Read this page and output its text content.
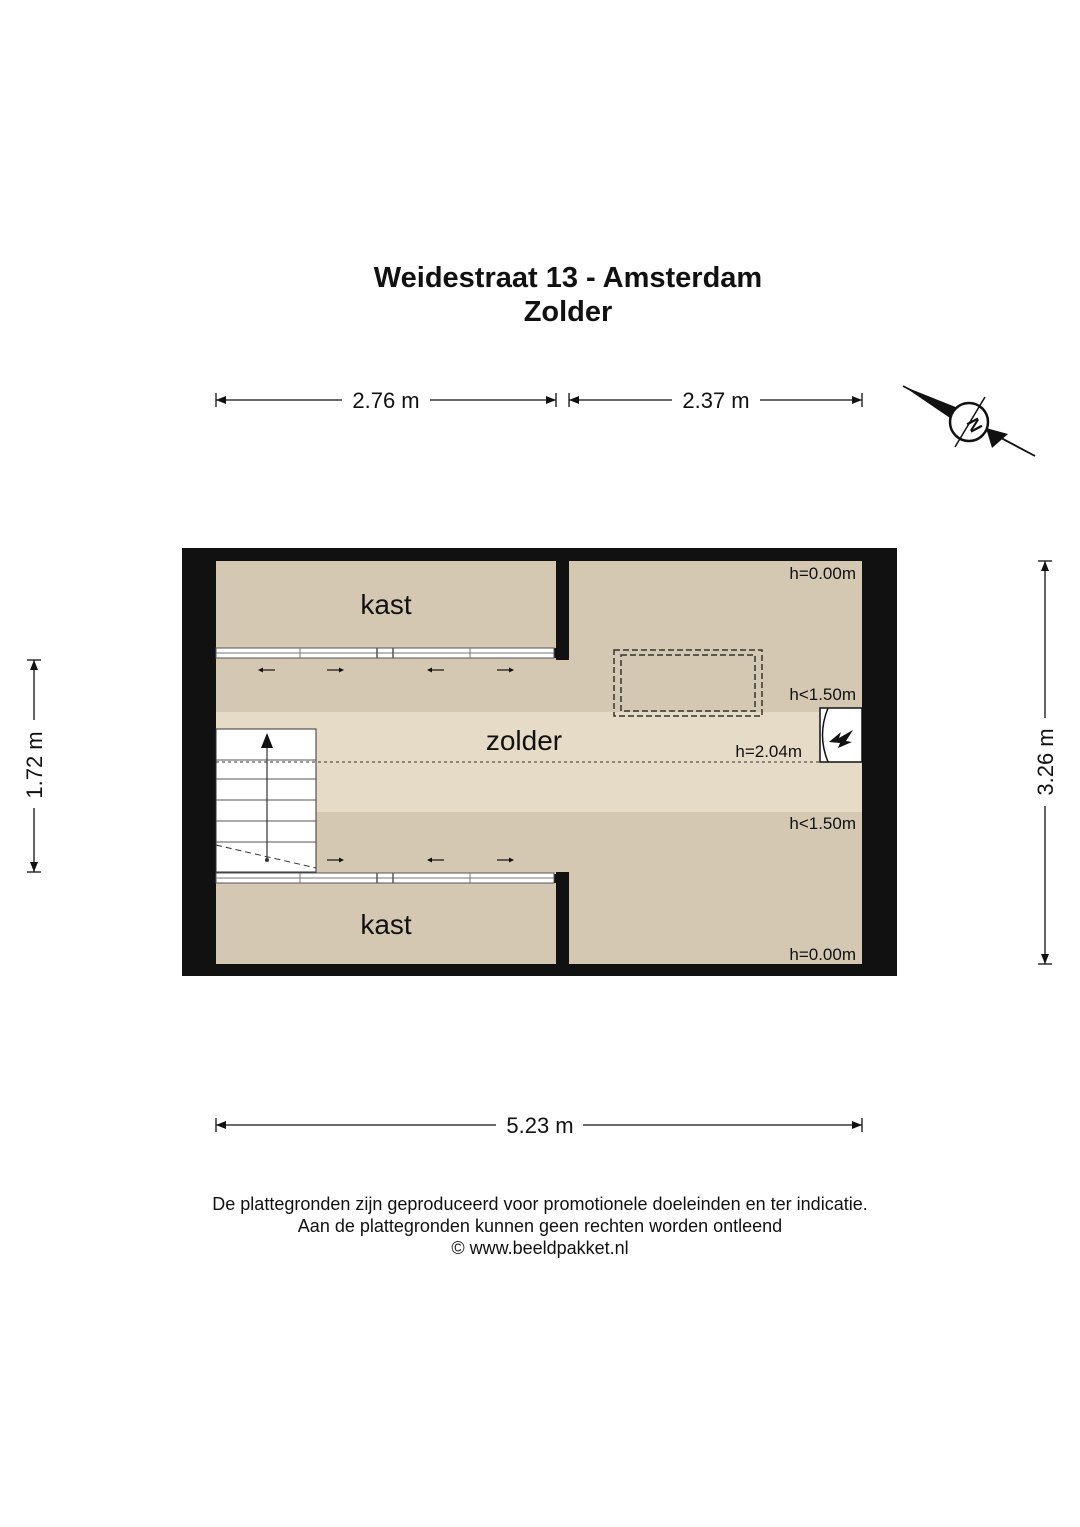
Weidestraat 13 - Amsterdam
Zolder
2.76 m	2.37 m
1.72 m	3.26 m
5.23 m
N
kast
zolder
kast
h=0.00m
h<1.50m
h=2.04m
h<1.50m
h=0.00m
De plattegronden zijn geproduceerd voor promotionele doeleinden en ter indicatie.
Aan de plattegronden kunnen geen rechten worden ontleend
© www.beeldpakket.nl
